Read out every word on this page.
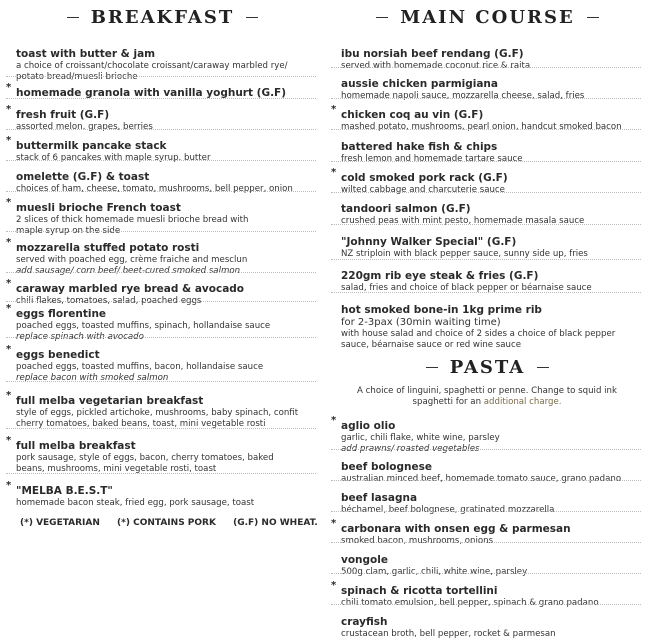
BREAKFAST
toast with butter & jam
a choice of croissant/chocolate croissant/caraway marbled rye/ potato bread/muesli brioche
* homemade granola with vanilla yoghurt (G.F)
* fresh fruit (G.F)
assorted melon, grapes, berries
* buttermilk pancake stack
stack of 6 pancakes with maple syrup, butter
omelette (G.F) & toast
choices of ham, cheese, tomato, mushrooms, bell pepper, onion
* muesli brioche French toast
2 slices of thick homemade muesli brioche bread with maple syrup on the side
* mozzarella stuffed potato rosti
served with poached egg, crème fraiche and mesclun
add sausage/ corn beef/ beet-cured smoked salmon
* caraway marbled rye bread & avocado
chili flakes, tomatoes, salad, poached eggs
* eggs florentine
poached eggs, toasted muffins, spinach, hollandaise sauce
replace spinach with avocado
* eggs benedict
poached eggs, toasted muffins, bacon, hollandaise sauce
replace bacon with smoked salmon
* full melba vegetarian breakfast
style of eggs, pickled artichoke, mushrooms, baby spinach, confit cherry tomatoes, baked beans, toast, mini vegetable rosti
* full melba breakfast
pork sausage, style of eggs, bacon, cherry tomatoes, baked beans, mushrooms, mini vegetable rosti, toast
* "MELBA B.E.S.T"
homemade bacon steak, fried egg, pork sausage, toast
(*) VEGETARIAN (*) CONTAINS PORK (G.F) NO WHEAT.
MAIN COURSE
ibu norsiah beef rendang (G.F)
served with homemade coconut rice & raita
aussie chicken parmigiana
homemade napoli sauce, mozzarella cheese, salad, fries
* chicken coq au vin (G.F)
mashed potato, mushrooms, pearl onion, handcut smoked bacon
battered hake fish & chips
fresh lemon and homemade tartare sauce
* cold smoked pork rack (G.F)
wilted cabbage and charcuterie sauce
tandoori salmon (G.F)
crushed peas with mint pesto, homemade masala sauce
"Johnny Walker Special" (G.F)
NZ striploin with black pepper sauce, sunny side up, fries
220gm rib eye steak & fries (G.F)
salad, fries and choice of black pepper or béarnaise sauce
hot smoked bone-in 1kg prime rib
for 2-3pax (30min waiting time)
with house salad and choice of 2 sides a choice of black pepper sauce, béarnaise sauce or red wine sauce
PASTA
A choice of linguini, spaghetti or penne. Change to squid ink spaghetti for an additional charge.
* aglio olio
garlic, chili flake, white wine, parsley
add prawns/ roasted vegetables
beef bolognese
australian minced beef, homemade tomato sauce, grano padano
beef lasagna
béchamel, beef bolognese, gratinated mozzarella
* carbonara with onsen egg & parmesan
smoked bacon, mushrooms, onions
vongole
500g clam, garlic, chili, white wine, parsley
* spinach & ricotta tortellini
chili tomato emulsion, bell pepper, spinach & grano padano
crayfish
crustacean broth, bell pepper, rocket & parmesan
